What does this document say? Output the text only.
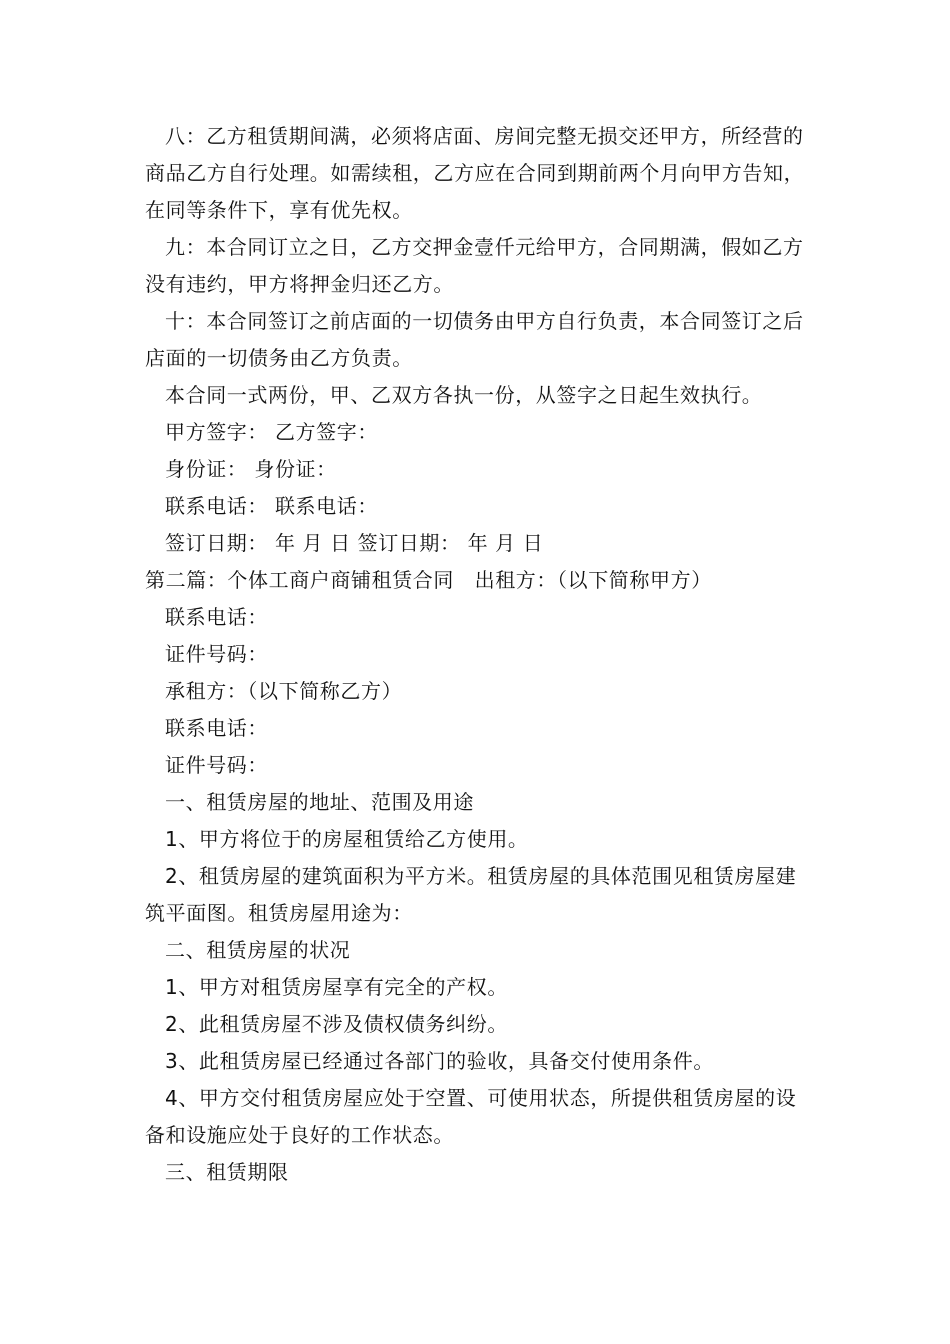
八：乙方租赁期间满，必须将店面、房间完整无损交还甲方，所经营的商品乙方自行处理。如需续租，乙方应在合同到期前两个月向甲方告知，在同等条件下，享有优先权。

九：本合同订立之日，乙方交押金壹仟元给甲方，合同期满，假如乙方没有违约，甲方将押金归还乙方。

十：本合同签订之前店面的一切债务由甲方自行负责，本合同签订之后店面的一切债务由乙方负责。

本合同一式两份，甲、乙双方各执一份，从签字之日起生效执行。

甲方签字： 乙方签字：

身份证： 身份证：

联系电话： 联系电话：

签订日期： 年 月 日 签订日期： 年 月 日

第二篇：个体工商户商铺租赁合同　出租方：（以下简称甲方）

联系电话：

证件号码：

承租方：（以下简称乙方）

联系电话：

证件号码：

一、租赁房屋的地址、范围及用途

1、甲方将位于的房屋租赁给乙方使用。

2、租赁房屋的建筑面积为平方米。租赁房屋的具体范围见租赁房屋建筑平面图。租赁房屋用途为：

二、租赁房屋的状况

1、甲方对租赁房屋享有完全的产权。

2、此租赁房屋不涉及债权债务纠纷。

3、此租赁房屋已经通过各部门的验收，具备交付使用条件。

4、甲方交付租赁房屋应处于空置、可使用状态，所提供租赁房屋的设备和设施应处于良好的工作状态。

三、租赁期限
